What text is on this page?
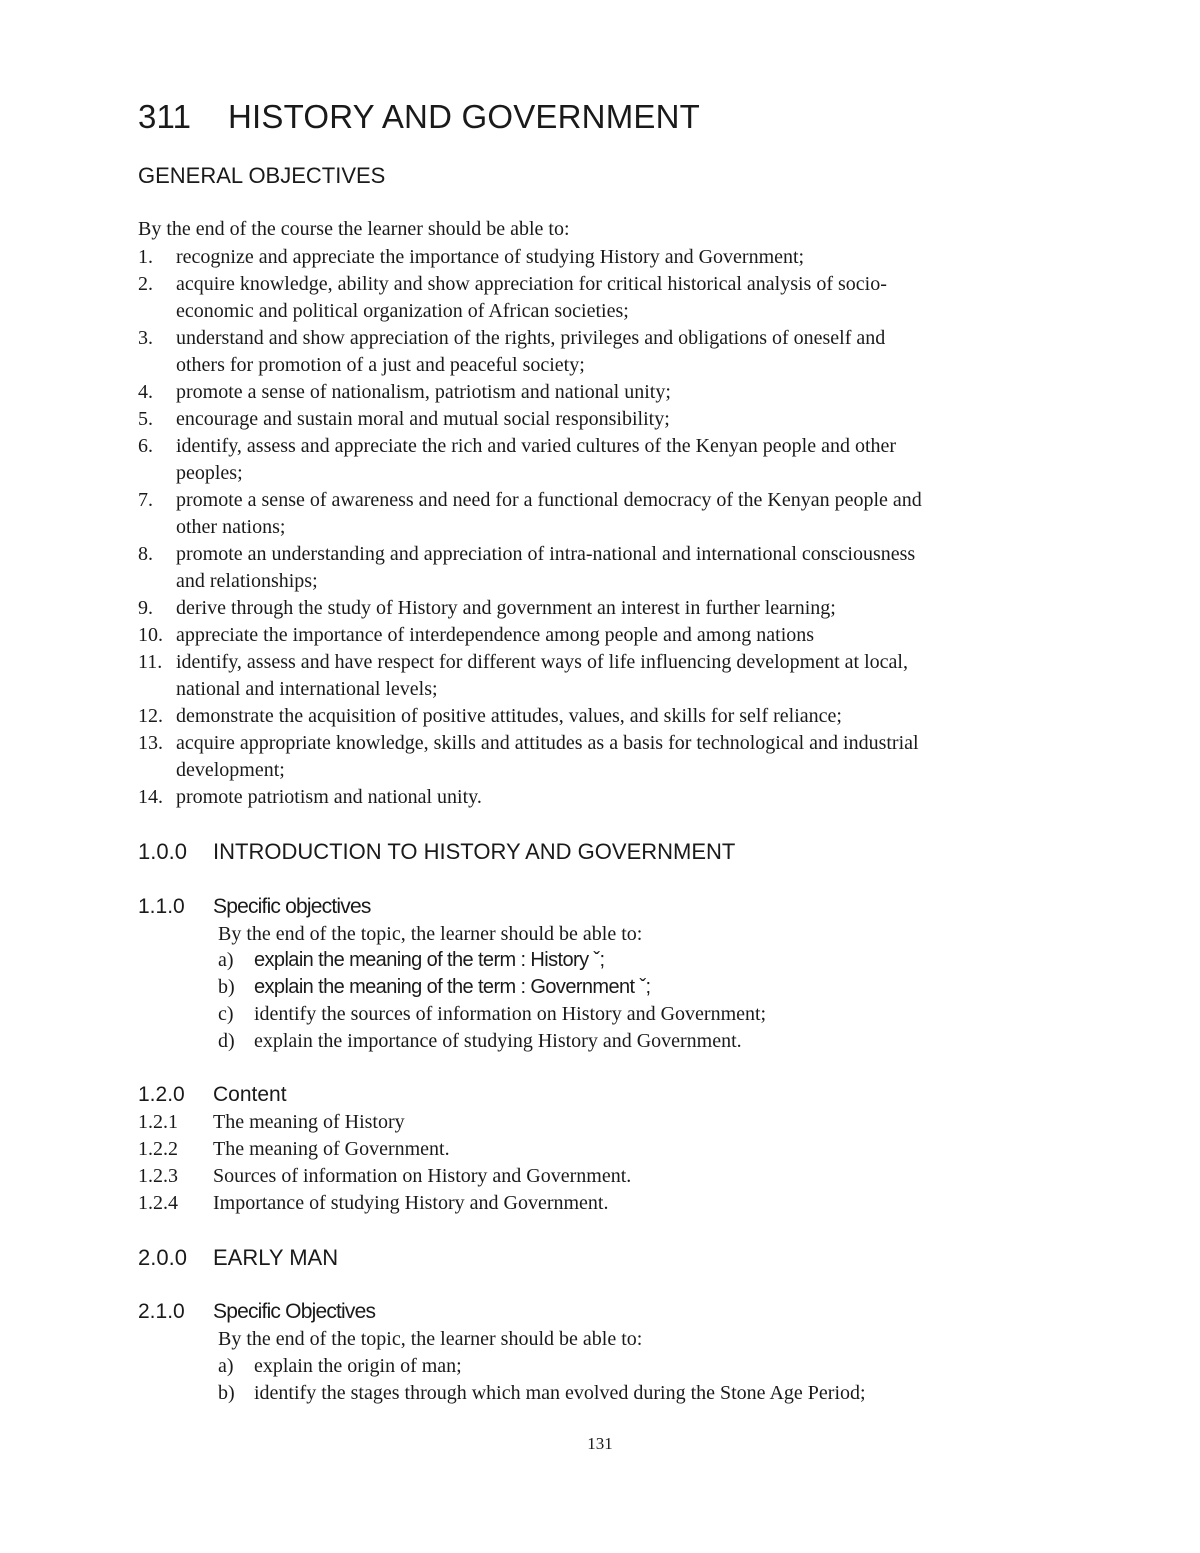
311 HISTORY AND GOVERNMENT
GENERAL OBJECTIVES
By the end of the course the learner should be able to:
1. recognize and appreciate the importance of studying History and Government;
2. acquire knowledge, ability and show appreciation for critical historical analysis of socio-
economic and political organization of African societies;
3. understand and show appreciation of the rights, privileges and obligations of oneself and
others for promotion of a just and peaceful society;
4. promote a sense of nationalism, patriotism and national unity;
5. encourage and sustain moral and mutual social responsibility;
6. identify, assess and appreciate the rich and varied cultures of the Kenyan people and other
peoples;
7. promote a sense of awareness and need for a functional democracy of the Kenyan people and
other nations;
8. promote an understanding and appreciation of intra-national and international consciousness
and relationships;
9. derive through the study of History and government an interest in further learning;
10. appreciate the importance of interdependence among people and among nations
11. identify, assess and have respect for different ways of life influencing development at local,
national and international levels;
12. demonstrate the acquisition of positive attitudes, values, and skills for self reliance;
13. acquire appropriate knowledge, skills and attitudes as a basis for technological and industrial
development;
14. promote patriotism and national unity.
1.0.0 INTRODUCTION TO HISTORY AND GOVERNMENT
1.1.0 Specific objectives
By the end of the topic, the learner should be able to:
a) explain the meaning of the term : History ˇ;
b) explain the meaning of the term : Government ˇ;
c) identify the sources of information on History and Government;
d) explain the importance of studying History and Government.
1.2.0 Content
1.2.1 The meaning of History
1.2.2 The meaning of Government.
1.2.3 Sources of information on History and Government.
1.2.4 Importance of studying History and Government.
2.0.0 EARLY MAN
2.1.0 Specific Objectives
By the end of the topic, the learner should be able to:
a) explain the origin of man;
b) identify the stages through which man evolved during the Stone Age Period;
131
